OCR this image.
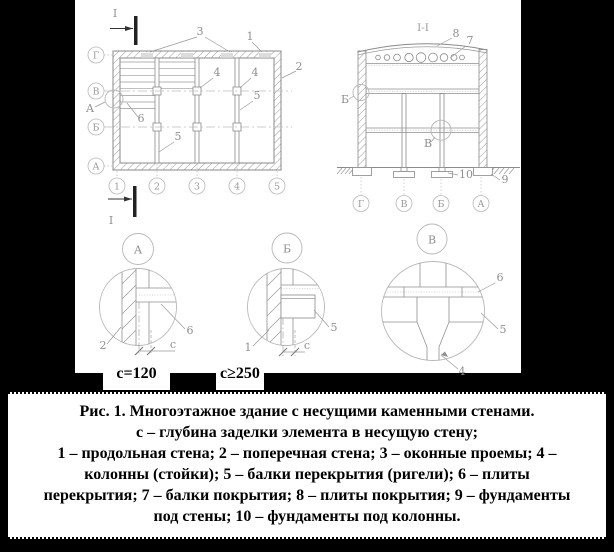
Г
В
Б
А
1	2	3	4	5
А
3	1
2
4	4
5
5
6
I
I
I-I
Б
В
8
7
10	9
Г	В	Б	А
А
с
2
6
Б
с
1
5
В
6
5
4
с=120	с≥250
Рис. 1. Многоэтажное здание с несущими каменными стенами.
с – глубина заделки элемента в несущую стену;
1 – продольная стена; 2 – поперечная стена; 3 – оконные проемы; 4 –
колонны (стойки); 5 – балки перекрытия (ригели); 6 – плиты
перекрытия; 7 – балки покрытия; 8 – плиты покрытия; 9 – фундаменты
под стены; 10 – фундаменты под колонны.
